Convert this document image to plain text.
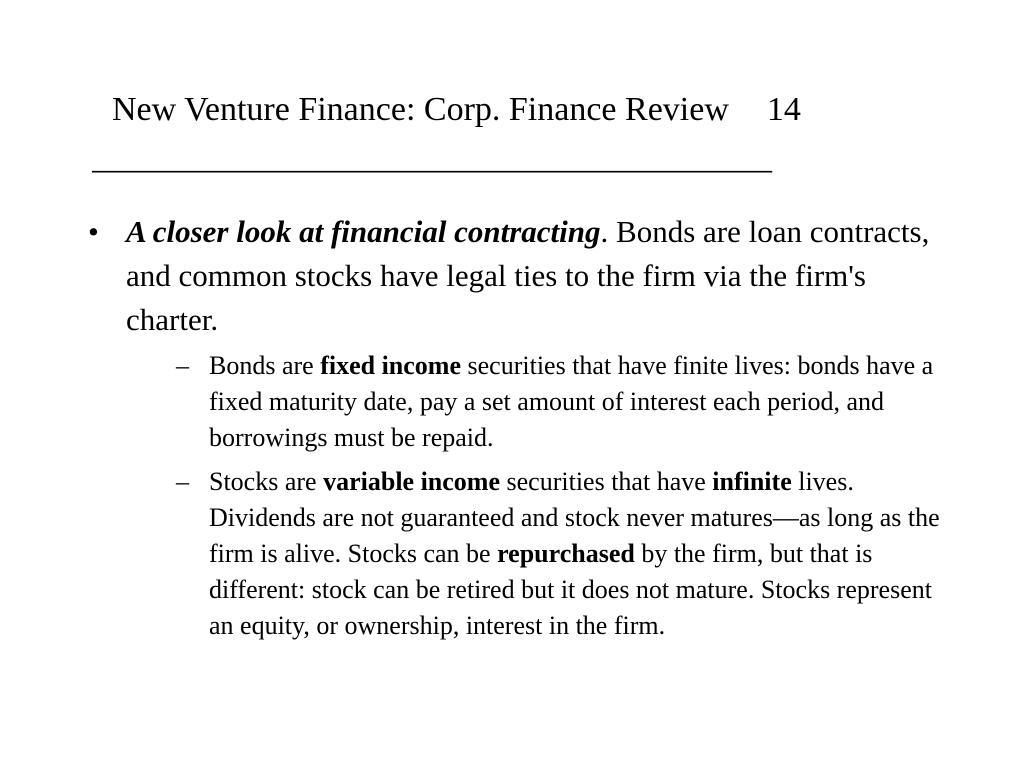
New Venture Finance: Corp. Finance Review 14
________________________________________
• A closer look at financial contracting. Bonds are loan contracts, and common stocks have legal ties to the firm via the firm's charter.
– Bonds are fixed income securities that have finite lives: bonds have a fixed maturity date, pay a set amount of interest each period, and borrowings must be repaid.
– Stocks are variable income securities that have infinite lives. Dividends are not guaranteed and stock never matures—as long as the firm is alive. Stocks can be repurchased by the firm, but that is different: stock can be retired but it does not mature. Stocks represent an equity, or ownership, interest in the firm.
